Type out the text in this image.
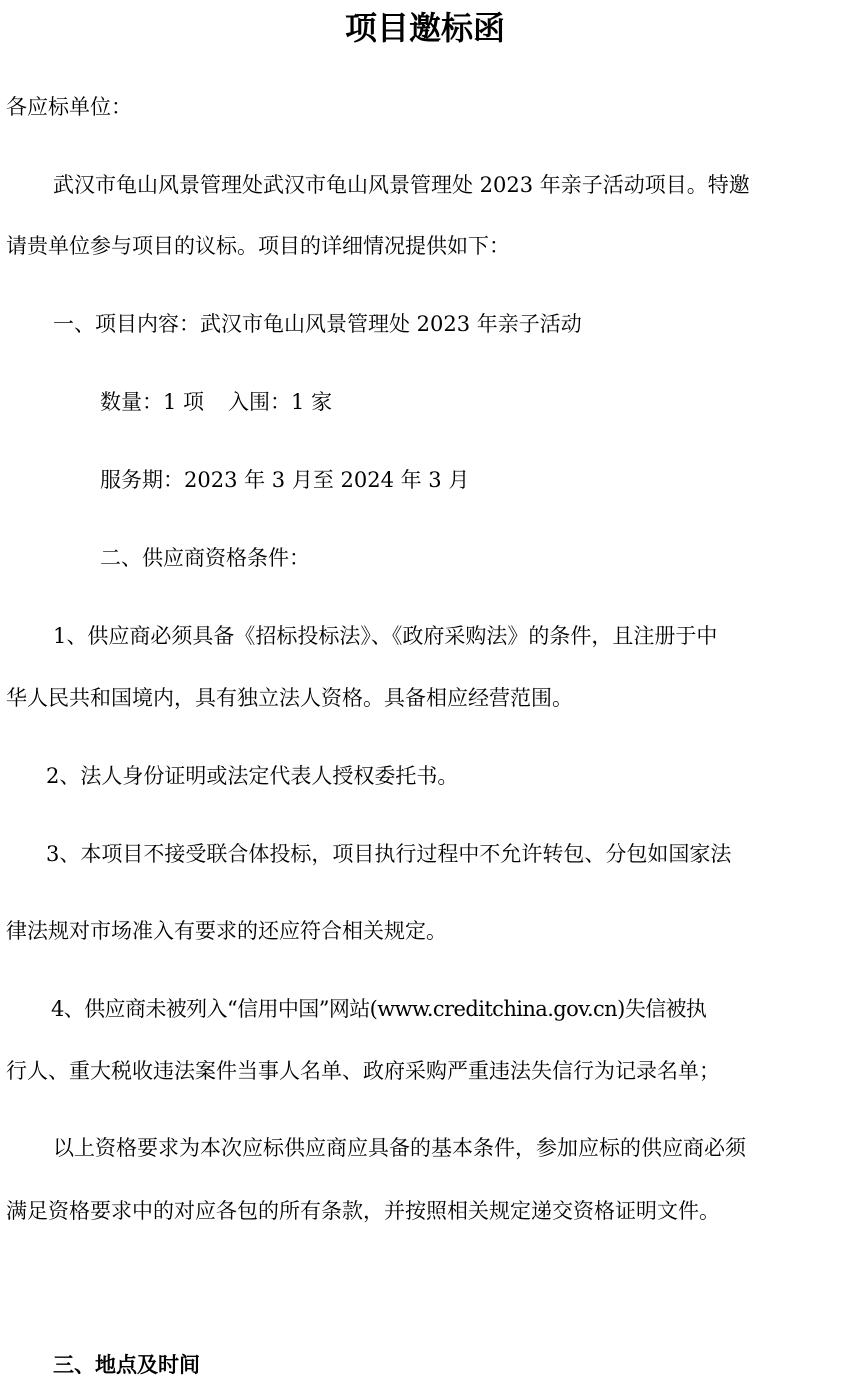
项目邀标函

各应标单位：

武汉市龟山风景管理处武汉市龟山风景管理处 2023 年亲子活动项目。特邀

请贵单位参与项目的议标。项目的详细情况提供如下：

一、项目内容：武汉市龟山风景管理处 2023 年亲子活动

数量：1 项 入围：1 家

服务期：2023 年 3 月至 2024 年 3 月

二、供应商资格条件：

1、供应商必须具备《招标投标法》、《政府采购法》的条件，且注册于中

华人民共和国境内，具有独立法人资格。具备相应经营范围。

2、法人身份证明或法定代表人授权委托书。

3、本项目不接受联合体投标，项目执行过程中不允许转包、分包如国家法

律法规对市场准入有要求的还应符合相关规定。

4、供应商未被列入“信用中国”网站(www.creditchina.gov.cn)失信被执

行人、重大税收违法案件当事人名单、政府采购严重违法失信行为记录名单；

以上资格要求为本次应标供应商应具备的基本条件，参加应标的供应商必须

满足资格要求中的对应各包的所有条款，并按照相关规定递交资格证明文件。

三、地点及时间
